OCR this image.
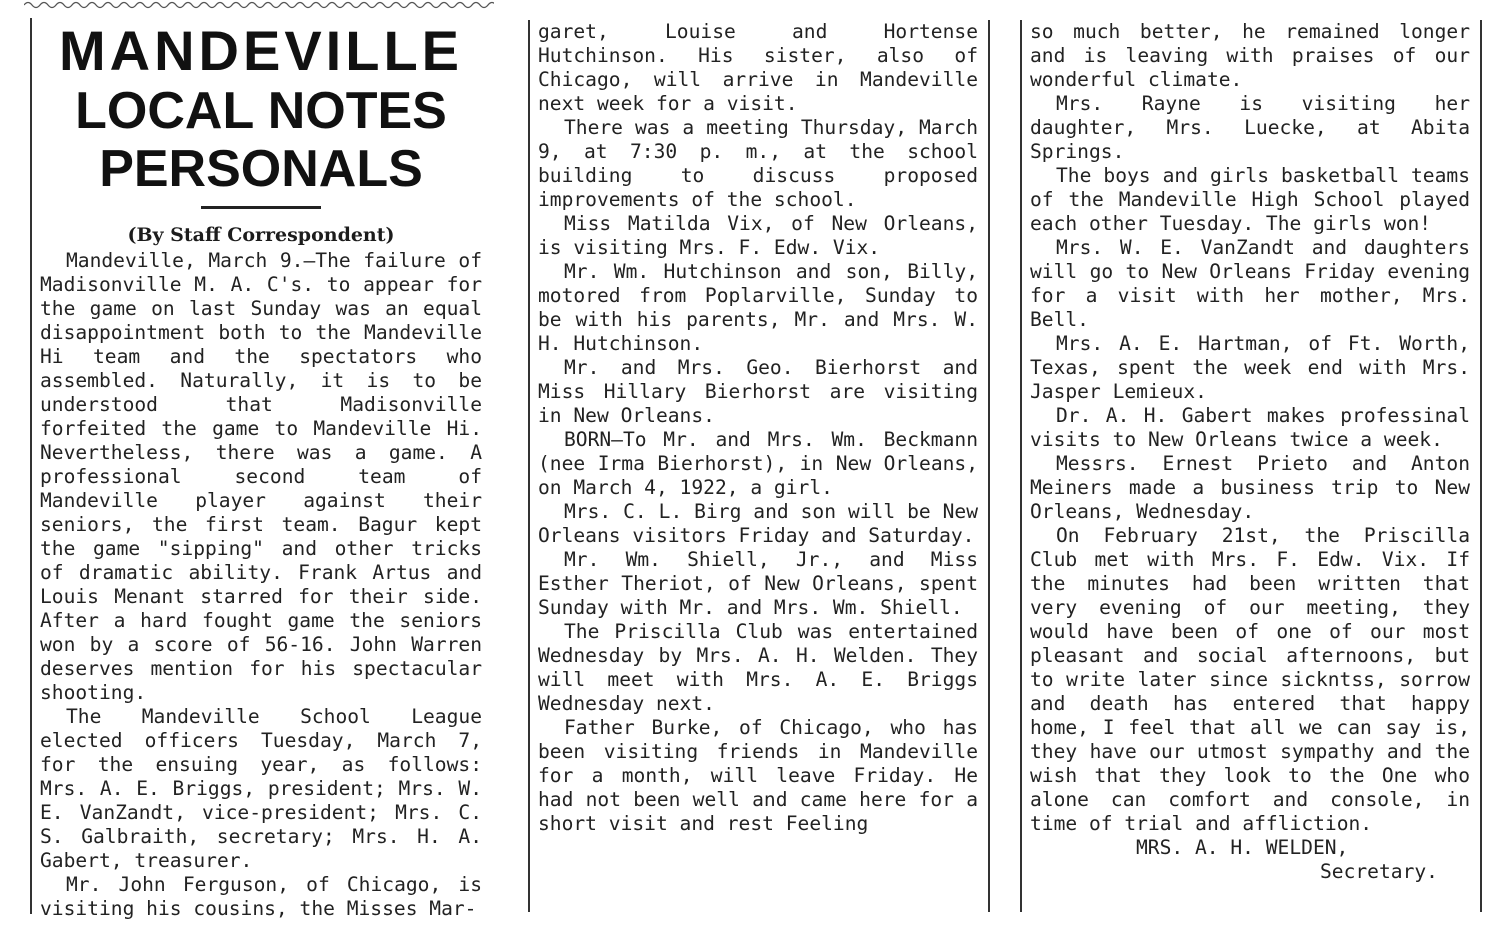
MANDEVILLE
LOCAL NOTES
PERSONALS

(By Staff Correspondent)

Mandeville, March 9.—The failure of Madisonville M. A. C's. to appear for the game on last Sunday was an equal disappointment both to the Mandeville Hi team and the spectators who assembled. Naturally, it is to be understood that Madisonville forfeited the game to Mandeville Hi. Nevertheless, there was a game. A professional second team of Mandeville player against their seniors, the first team. Bagur kept the game "sipping" and other tricks of dramatic ability. Frank Artus and Louis Menant starred for their side. After a hard fought game the seniors won by a score of 56-16. John Warren deserves mention for his spectacular shooting.

The Mandeville School League elected officers Tuesday, March 7, for the ensuing year, as follows: Mrs. A. E. Briggs, president; Mrs. W. E. VanZandt, vice-president; Mrs. C. S. Galbraith, secretary; Mrs. H. A. Gabert, treasurer.

Mr. John Ferguson, of Chicago, is visiting his cousins, the Misses Mar-

garet, Louise and Hortense Hutchinson. His sister, also of Chicago, will arrive in Mandeville next week for a visit.

There was a meeting Thursday, March 9, at 7:30 p. m., at the school building to discuss proposed improvements of the school.

Miss Matilda Vix, of New Orleans, is visiting Mrs. F. Edw. Vix.

Mr. Wm. Hutchinson and son, Billy, motored from Poplarville, Sunday to be with his parents, Mr. and Mrs. W. H. Hutchinson.

Mr. and Mrs. Geo. Bierhorst and Miss Hillary Bierhorst are visiting in New Orleans.

BORN—To Mr. and Mrs. Wm. Beckmann (nee Irma Bierhorst), in New Orleans, on March 4, 1922, a girl.

Mrs. C. L. Birg and son will be New Orleans visitors Friday and Saturday.

Mr. Wm. Shiell, Jr., and Miss Esther Theriot, of New Orleans, spent Sunday with Mr. and Mrs. Wm. Shiell.

The Priscilla Club was entertained Wednesday by Mrs. A. H. Welden. They will meet with Mrs. A. E. Briggs Wednesday next.

Father Burke, of Chicago, who has been visiting friends in Mandeville for a month, will leave Friday. He had not been well and came here for a short visit and rest Feeling

so much better, he remained longer and is leaving with praises of our wonderful climate.

Mrs. Rayne is visiting her daughter, Mrs. Luecke, at Abita Springs.

The boys and girls basketball teams of the Mandeville High School played each other Tuesday. The girls won!

Mrs. W. E. VanZandt and daughters will go to New Orleans Friday evening for a visit with her mother, Mrs. Bell.

Mrs. A. E. Hartman, of Ft. Worth, Texas, spent the week end with Mrs. Jasper Lemieux.

Dr. A. H. Gabert makes professinal visits to New Orleans twice a week.

Messrs. Ernest Prieto and Anton Meiners made a business trip to New Orleans, Wednesday.

On February 21st, the Priscilla Club met with Mrs. F. Edw. Vix. If the minutes had been written that very evening of our meeting, they would have been of one of our most pleasant and social afternoons, but to write later since sickntss, sorrow and death has entered that happy home, I feel that all we can say is, they have our utmost sympathy and the wish that they look to the One who alone can comfort and console, in time of trial and affliction.

MRS. A. H. WELDEN,

Secretary.
